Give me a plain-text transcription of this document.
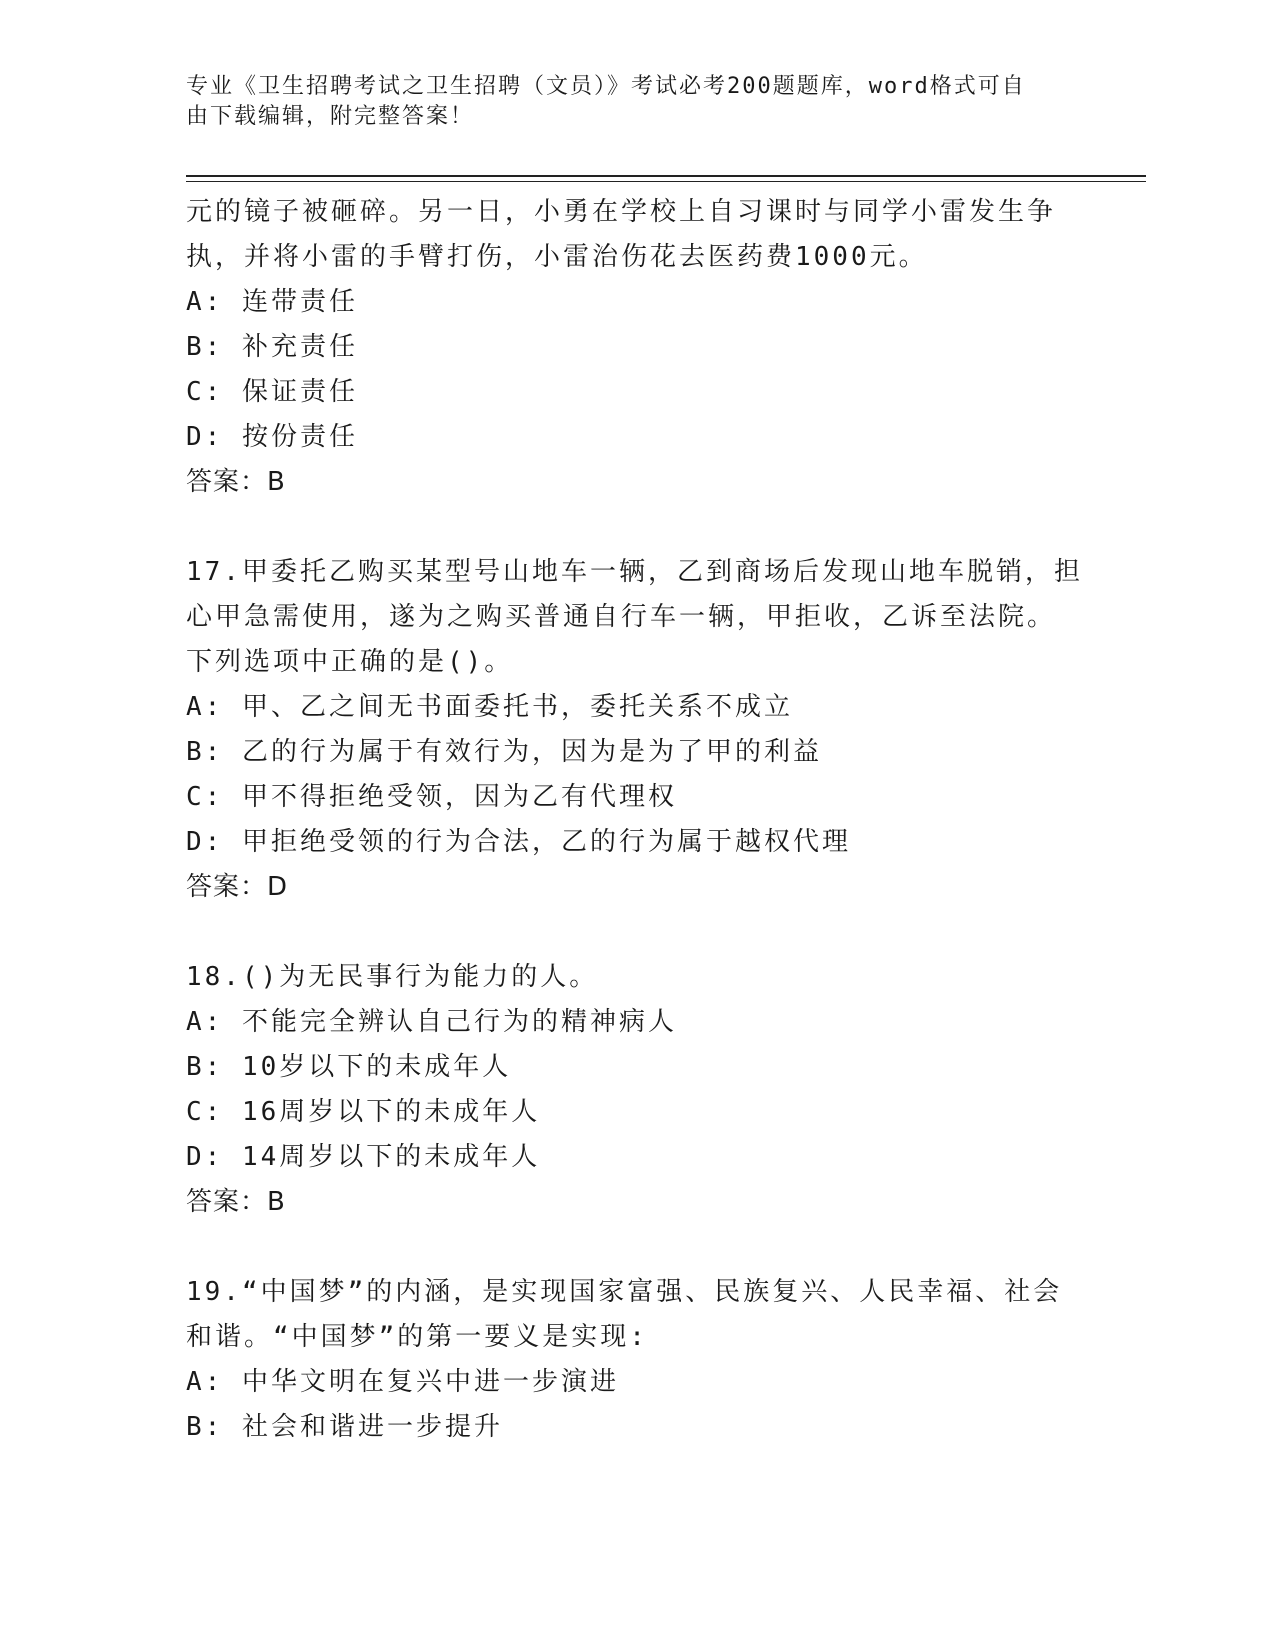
专业《卫生招聘考试之卫生招聘（文员）》考试必考200题题库，word格式可自
由下载编辑，附完整答案！
元的镜子被砸碎。另一日，小勇在学校上自习课时与同学小雷发生争
执，并将小雷的手臂打伤，小雷治伤花去医药费1000元。
A: 连带责任
B: 补充责任
C: 保证责任
D: 按份责任
答案：B
17.甲委托乙购买某型号山地车一辆，乙到商场后发现山地车脱销，担
心甲急需使用，遂为之购买普通自行车一辆，甲拒收，乙诉至法院。
下列选项中正确的是()。
A: 甲、乙之间无书面委托书，委托关系不成立
B: 乙的行为属于有效行为，因为是为了甲的利益
C: 甲不得拒绝受领，因为乙有代理权
D: 甲拒绝受领的行为合法，乙的行为属于越权代理
答案：D
18.()为无民事行为能力的人。
A: 不能完全辨认自己行为的精神病人
B: 10岁以下的未成年人
C: 16周岁以下的未成年人
D: 14周岁以下的未成年人
答案：B
19.“中国梦”的内涵，是实现国家富强、民族复兴、人民幸福、社会
和谐。“中国梦”的第一要义是实现:
A: 中华文明在复兴中进一步演进
B: 社会和谐进一步提升
